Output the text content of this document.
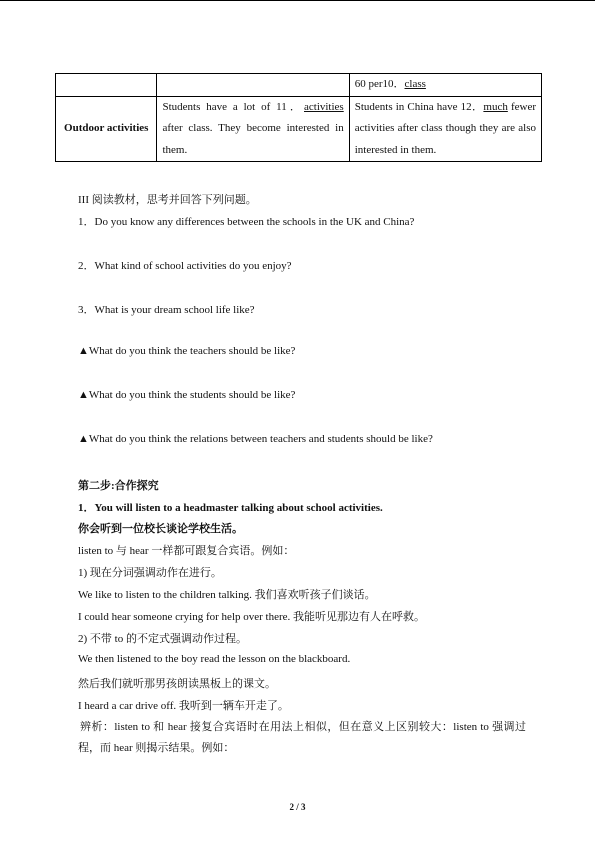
		60 per10．class
Outdoor activities	Students have a lot of 11．activities after class. They become interested in them.	Students in China have 12．much fewer activities after class though they are also interested in them.
III 阅读教材，思考并回答下列问题。
1．Do you know any differences between the schools in the UK and China?
2．What kind of school activities do you enjoy?
3．What is your dream school life like?
▲What do you think the teachers should be like?
▲What do you think the students should be like?
▲What do you think the relations between teachers and students should be like?
第二步:合作探究
1．You will listen to a headmaster talking about school activities.
你会听到一位校长谈论学校生活。
listen to 与 hear 一样都可跟复合宾语。例如：
1) 现在分词强调动作在进行。
We like to listen to the children talking. 我们喜欢听孩子们谈话。
I could hear someone crying for help over there. 我能听见那边有人在呼救。
2) 不带 to 的不定式强调动作过程。
We then listened to the boy read the lesson on the blackboard.
然后我们就听那男孩朗读黑板上的课文。
I heard a car drive off. 我听到一辆车开走了。
辨析：listen to 和 hear 接复合宾语时在用法上相似，但在意义上区别较大：listen to 强调过程，而 hear 则揭示结果。例如：
2 / 3
